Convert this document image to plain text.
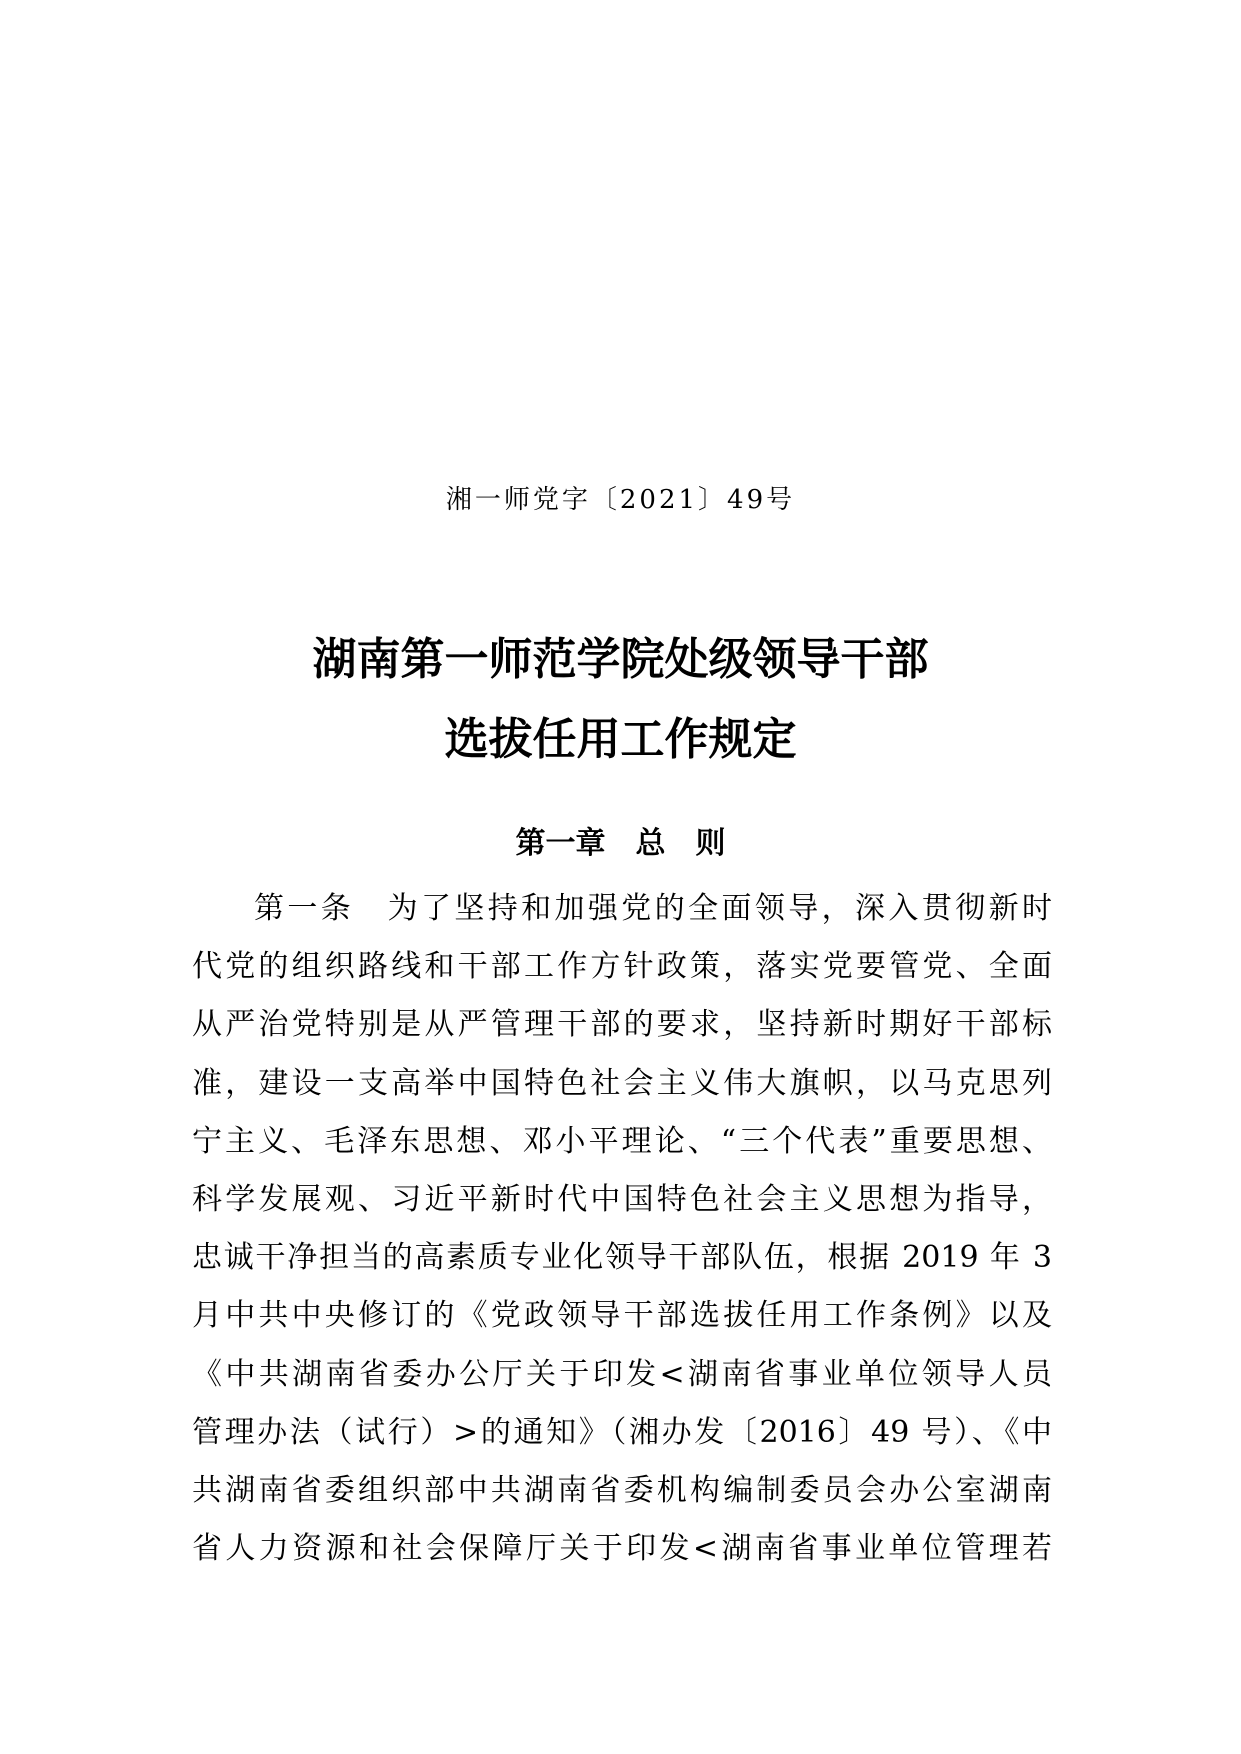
湘一师党字〔2021〕49号
湖南第一师范学院处级领导干部
选拔任用工作规定
第一章　总　则
第一条　为了坚持和加强党的全面领导，深入贯彻新时
代党的组织路线和干部工作方针政策，落实党要管党、全面
从严治党特别是从严管理干部的要求，坚持新时期好干部标
准，建设一支高举中国特色社会主义伟大旗帜，以马克思列
宁主义、毛泽东思想、邓小平理论、“三个代表”重要思想、
科学发展观、习近平新时代中国特色社会主义思想为指导，
忠诚干净担当的高素质专业化领导干部队伍，根据 2019 年 3
月中共中央修订的《党政领导干部选拔任用工作条例》以及
《中共湖南省委办公厅关于印发<湖南省事业单位领导人员
管理办法（试行）>的通知》（湘办发〔2016〕49 号）、《中
共湖南省委组织部中共湖南省委机构编制委员会办公室湖南
省人力资源和社会保障厅关于印发<湖南省事业单位管理若
